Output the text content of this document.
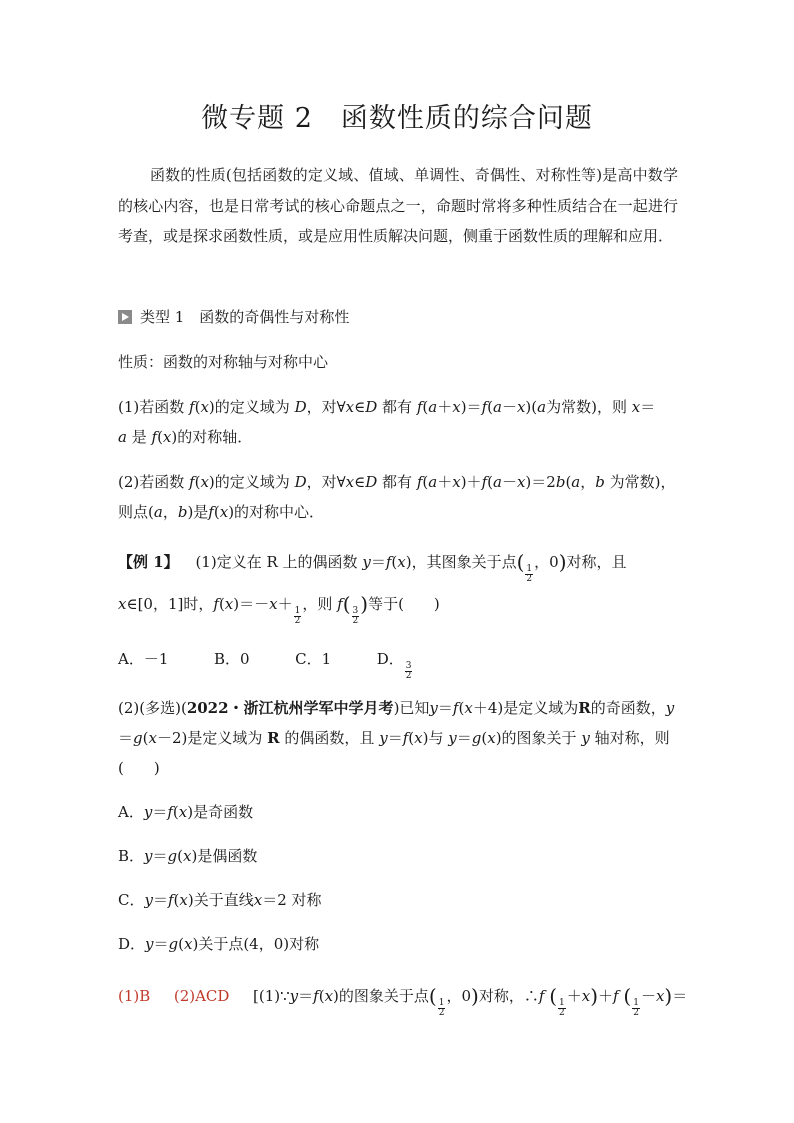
微专题 2　函数性质的综合问题
函数的性质(包括函数的定义域、值域、单调性、奇偶性、对称性等)是高中数学的核心内容，也是日常考试的核心命题点之一，命题时常将多种性质结合在一起进行考查，或是探求函数性质，或是应用性质解决问题，侧重于函数性质的理解和应用．
类型 1　函数的奇偶性与对称性
性质：函数的对称轴与对称中心
(1)若函数 f(x)的定义域为 D，对∀x∈D 都有 f(a＋x)＝f(a－x)(a为常数)，则 x＝
a 是 f(x)的对称轴．
(2)若函数 f(x)的定义域为 D，对∀x∈D 都有 f(a＋x)＋f(a－x)＝2b(a，b 为常数)，
则点(a，b)是f(x)的对称中心．
【例 1】 (1)定义在 R 上的偶函数 y＝f(x)，其图象关于点(
$\frac{1}{2}$
，0)对称，且
x∈[0，1]时，f(x)＝－x＋
$\frac{1}{2}$
，则 f(
$\frac{3}{2}$
)等于(　　)
A．－1	B．0	C．1	D．
$\frac{3}{2}$
(2)(多选)(2022・浙江杭州学军中学月考)已知y＝f(x＋4)是定义域为R的奇函数，y
＝g(x－2)是定义域为 R 的偶函数，且 y＝f(x)与 y＝g(x)的图象关于 y 轴对称，则
(　　)
A．y＝f(x)是奇函数
B．y＝g(x)是偶函数
C．y＝f(x)关于直线x＝2 对称
D．y＝g(x)关于点(4，0)对称
(1)B (2)ACD [(1)∵y＝f(x)的图象关于点(
$\frac{1}{2}$
，0)对称，∴f (
$\frac{1}{2}$
＋x)＋f (
$\frac{1}{2}$
－x)＝
